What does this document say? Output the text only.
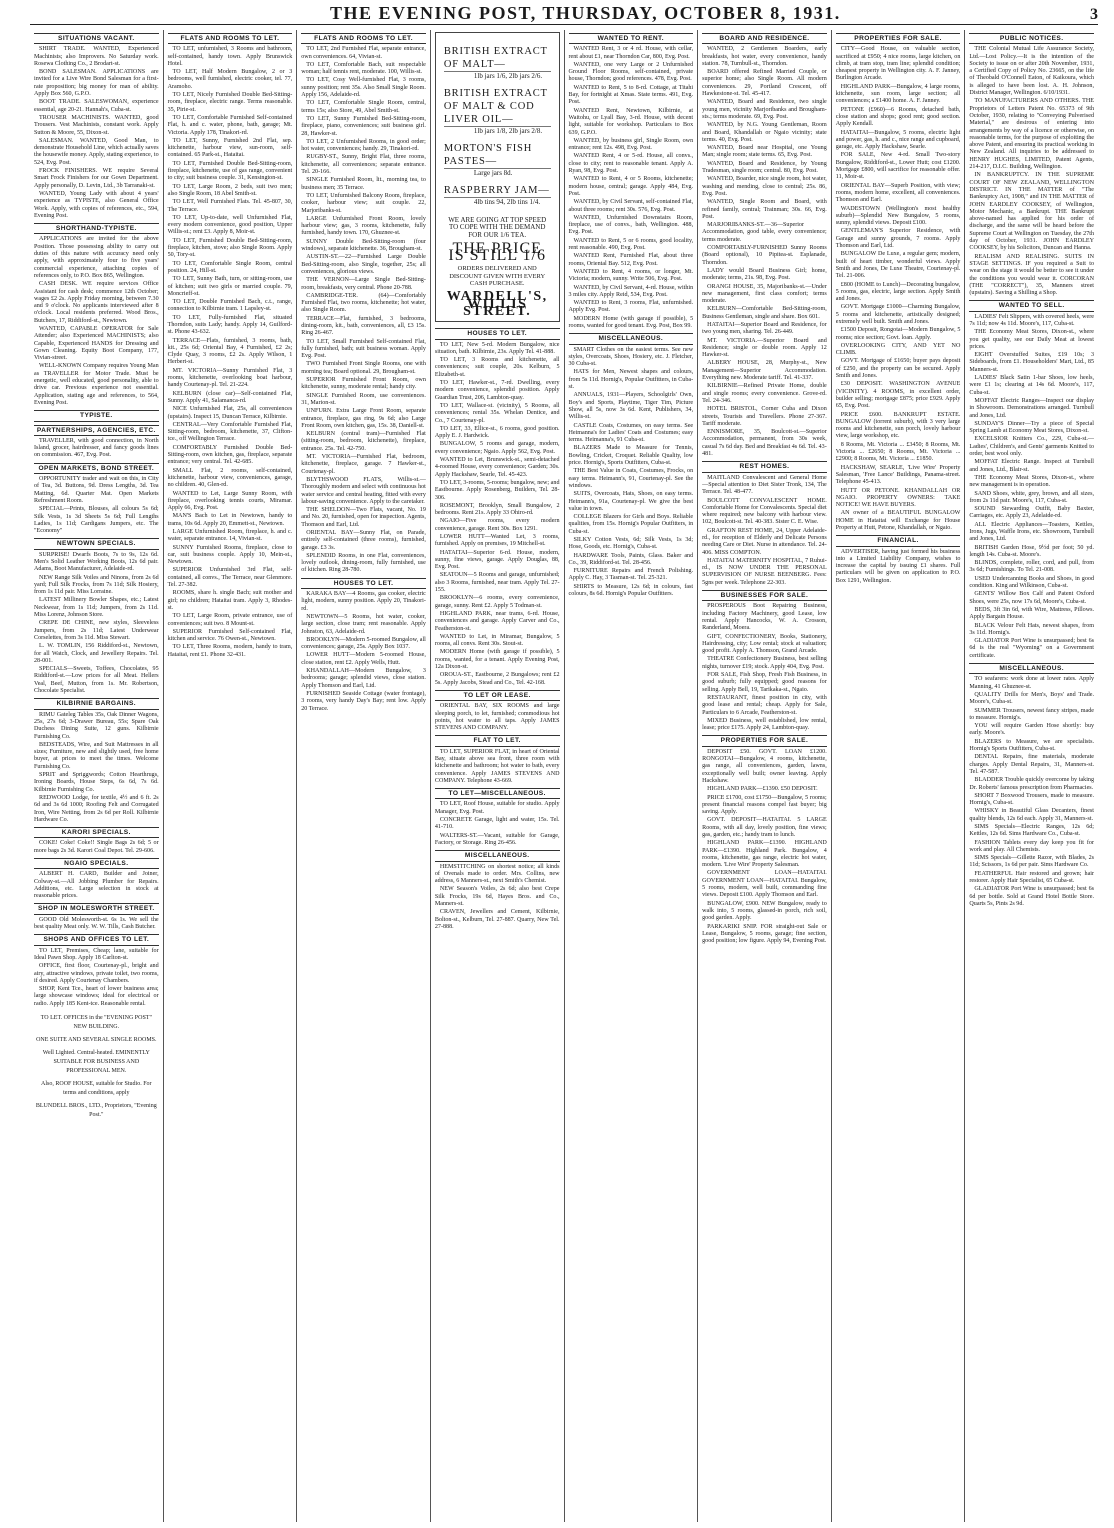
THE EVENING POST, THURSDAY, OCTOBER 8, 1931.	3
SITUATIONS VACANT.

SHIRT TRADE. WANTED, Experienced Machinists; also Improvers. No Saturday work. Rosewa Clothing Co., 2 Brodart-st.

BOND SALESMAN. APPLICATIONS are invited for a Live Wire Bond Salesman for a first-rate proposition; big money for man of ability. Apply Box 560, G.P.O.

BOOT TRADE. SALESWOMAN, experience essential, age 20-21. Hannah's, Cuba-st.

TROUSER MACHINISTS. WANTED, good Trousers. Vest Machinists, constant work. Apply Sutton & Moore, 55, Dixon-st.

SALESMAN. WANTED, Good Man, to demonstrate Household Line, which actually saves the housewife money. Apply, stating experience, to 524, Evg. Post.

FROCK FINISHERS. WE require Several Smart Frock Finishers for our Gown Department. Apply personally, D. Levin, Ltd., 3b Tarranaki-st.

WANTED, Young Lady with about 4 years' experience as TYPISTE, also General Office Work. Apply, with copies of references, etc., 594, Evening Post.

SHORTHAND-TYPISTE.

APPLICATIONS are invited for the above Position. Those possessing ability to carry out duties of this nature with accuracy need only apply, with approximately four to five years' commercial experience, attaching copies of references only, to P.O. Box 865, Wellington.

CASH DESK. WE require services Office Assistant for cash desk; commence 12th October; wages £2 2s. Apply Friday morning, between 7.30 and 9 o'clock. No applicants interviewed after 8 o'clock. Local residents preferred. Wood Bros., Butchers, 17, Riddiford-st., Newtown.

WANTED, CAPABLE OPERATOR for Sale Attender; also Experienced MACHINISTS; also Capable, Experienced HANDS for Dressing and Gown Cleaning. Equity Boot Company, 177, Vivian-street.

WELL-KNOWN Company requires Young Man as TRAVELLER for Motor Trade. Must be energetic, well educated, good personality, able to drive car. Previous experience not essential. Application, stating age and references, to 564, Evening Post.

TYPISTE.
PARTNERSHIPS, AGENCIES, ETC.

TRAVELLER, with good connection, in North Island, grocer, hairdresser, and fancy goods lines on commission. 467, Evg. Post.

OPEN MARKETS, BOND STREET.

OPPORTUNITY trader and wait on this, in City of Tea, 3d. Buttons, 9d. Dress Lengths, 3d. Tea Matting, 6d. Quarter Mat. Open Markets Refreshment Room.

SPECIAL—Prints, Blouses, all colours 5s 6d; Silk Vests, 1s 3d Sheets 5s 6d; Full Lengths Ladies, 1s 11d; Cardigans Jumpers, etc. The "Economy"

NEWTOWN SPECIALS.

SURPRISE! Dwarfs Boots, 7s to 9s, 12s 6d. Men's Solid Leather Working Boots, 12s 6d pair. Adams, Boot Manufacturer, Adelaide-rd.

NEW Range Silk Voiles and Ninons, from 2s 6d yard; Full Silk Frocks, from 7s 11d; Silk Hosiery, from 1s 11d pair. Miss Lorraine.

LATEST Millinery Bowler Shapes, etc.; Latest Neckwear, from 1s 11d; Jumpers, from 2s 11d. Miss Lorenz, Johnson Store.

CREPE DE CHINE, new styles, Sleeveless Jumpers, from 2s 11d; Latest Underwear Corselettes, from 3s 11d. Miss Stewart.

L. W. TOMLIN, 156 Riddiford-st., Newtown, for all Watch, Clock, and Jewellery Repairs. Tel. 28-001.

SPECIALS—Sweets, Toffees, Chocolates, 95 Riddiford-st.—Low prices for all Meat. Hellers Veal, Beef, Mutton, from 1s. Mr. Robertson, Chocolate Specialist.

KILBIRNIE BARGAINS.

RIMU Gateleg Tables 35s, Oak Dinner Wagons, 25s, 27s 6d; 3-Drawer Bureau, 55s; Spare Oak Duchess Dining Suite, 12 guns. Kilbirnie Furnishing Co.

BEDSTEADS, Wire, and Suit Mattresses in all sizes; Furniture, new and slightly used, free home buyer, at prices to meet the times. Welcome Furnishing Co.

SPRIT and Spriggwords; Cotton Hearthrugs, Ironing Boards, House Steps, 6s 6d, 7s 6d. Kilbirnie Furnishing Co.

REDWOOD Lodge, for textile, 4½ and 6 ft. 2s 6d and 3s 6d 1000; Roofing Felt and Corrugated Iron, Wire Netting, from 2s 6d per Roll. Kilbirnie Hardware Co.

KARORI SPECIALS.

COKE! Coke! Coke!! Single Bags 2s 6d; 5 or more bags 2s 3d. Karori Coal Depot. Tel. 29-606.

NGAIO SPECIALS.

ALBERT H. CARD, Builder and Joiner, Colway-st.—All Jobbing Plumber for Repairs. Additions, etc. Large selection in stock at reasonable prices.

SHOP IN MOLESWORTH STREET.

GOOD Old Molesworth-st. 6s 1s. We sell the best quality Meat only. W. W. Tills, Cash Butcher.

SHOPS AND OFFICES TO LET.

TO LET, Premises, Cheap; lane, suitable for Ideal Pawn Shop. Apply 18 Carlton-st.

OFFICE, first floor, Courtenay-pl., bright and airy, attractive windows, private toilet, two rooms, if desired. Apply Courtenay Chambers.

SHOP, Kent Tce., heart of lower business area; large showcase windows; ideal for electrical or radio. Apply 185 Kent-tce. Reasonable rental.

TO LET. OFFICES in the "EVENING POST" NEW BUILDING.
ONE SUITE AND SEVERAL SINGLE ROOMS.
Well Lighted. Central-heated. EMINENTLY SUITABLE FOR BUSINESS AND PROFESSIONAL MEN.
Also, ROOF HOUSE, suitable for Studio. For terms and conditions, apply
BLUNDELL BROS., LTD., Proprietors, "Evening Post."
FLATS AND ROOMS TO LET.

TO LET, unfurnished, 3 Rooms and bathroom, self-contained, handy town. Apply Brunswick Hotel.

TO LET, Half Modern Bungalow, 2 or 3 bedrooms, well furnished, electric cooker, tel. 77, Aramoho.

TO LET, Nicely Furnished Double Bed-Sitting-room, fireplace, electric range. Terms reasonable. 35, Pirie-st.

TO LET, Comfortable Furnished Self-contained Flat, h. and c. water, phone, bath, garage; Mt. Victoria. Apply 178, Tinakori-rd.

TO LET, Sunny, Furnished 2nd Flat, sep. kitchenette, harbour view, sun-room, self-contained. 65 Park-st., Hataitai.

TO LET, Furnished Double Bed-Sitting-room, fireplace, kitchenette, use of gas range, convenient to city; suit business couple. 31, Kensington-st.

TO LET, Large Room, 2 beds, suit two men; also Single Room, 18 Abel Smith-st.

TO LET, Well Furnished Flats. Tel. 45-807, 30, The Terrace.

TO LET, Up-to-date, well Unfurnished Flat, every modern convenience, good position, Upper Willis-st.; rent £3. Apply 8, Moir-st.

TO LET, Furnished Double Bed-Sitting-room, fireplace, kitchen, stove; also Single Room. Apply 50, Tory-st.

TO LET, Comfortable Single Room, central position. 24, Hill-st.

TO LET, Sunny Bath, turn, or sitting-room, use of kitchen; suit two girls or married couple. 79, Moncrieff-st.

TO LET, Double Furnished Bach, c.t., range, connection to Kilbirnie tram. 1 Lapsley-st.

TO LET, Fully-furnished Flat, situated Thorndon, suits Lady; handy. Apply 14, Guilford-st. Phone 43-632.

TERRACE—Flats, furnished, 3 rooms, bath, kit., 25s 6d; Oriental Bay, 4 Furnished, £2 2s; Clyde Quay, 3 rooms, £2 2s. Apply Wilson, 1 Herbert-st.

MT. VICTORIA—Sunny Furnished Flat, 3 rooms, kitchenette, overlooking boat harbour, handy Courtenay-pl. Tel. 21-224.

KELBURN (close car)—Self-contained Flat, Sunny. Apply 41, Salamanca-rd.

NICE Unfurnished Flat, 25s, all conveniences (upstairs). Inspect 15, Duncan Terrace, Kilbirnie.

CENTRAL—Very Comfortable Furnished Flat, Sitting-room, bedroom, kitchenette, 37, Clifton-tce., off Wellington Terrace.

COMFORTABLY Furnished Double Bed-Sitting-room, own kitchen, gas, fireplace, separate entrance; very central. Tel. 42-685.

SMALL Flat, 2 rooms, self-contained, kitchenette, harbour view, conveniences, garage, no children. 40, Glen-rd.

WANTED to Let, Large Sunny Room, with fireplace, overlooking tennis courts, Miramar. Apply 66, Evg. Post.

MAN'S Bach to Let in Newtown, handy to trams, 10s 6d. Apply 20, Emmett-st., Newtown.

LARGE Unfurnished Room, fireplace, h. and c. water, separate entrance. 14, Vivian-st.

SUNNY Furnished Rooms, fireplace, close to car, suit business couple. Apply 10, Mein-st., Newtown.

SUPERIOR Unfurnished 3rd Flat, self-contained, all convs., The Terrace, near Glenmore. Tel. 27-382.

ROOMS, share h. single Bach; suit mother and girl; no children; Hataitai tram. Apply 3, Rhodes-st.

TO LET, Large Room, private entrance, use of conveniences; suit two. 8 Mount-st.

SUPERIOR Furnished Self-contained Flat, kitchen and service. 76 Owen-st., Newtown.

TO LET, Three Rooms, modern, handy to tram, Hataitai, rent £1. Phone 32-431.

FLATS AND ROOMS TO LET.

TO LET, 2nd Furnished Flat, separate entrance, own conveniences. 64, Vivian-st.

TO LET, Comfortable Bach, suit respectable woman; half tennis rent, moderate. 100, Willis-st.

TO LET, Cosy Well-furnished Flat, 3 rooms, sunny position; rent 35s. Also Small Single Room. Apply 156, Adelaide-rd.

TO LET, Comfortable Single Room, central, terms 15s; also Store, 49, Abel Smith-st.

TO LET, Sunny Furnished Bed-Sitting-room, fireplace, piano, conveniences; suit business girl. 28, Hawker-st.

TO LET, 2 Unfurnished Rooms, in good order; hot water, conveniences; handy. 29, Tinakori-rd.

RUGBY-ST., Sunny, Bright Flat, three rooms, kitchenette, all conveniences; separate entrance. Tel. 20-166.

SINGLE Furnished Room, lit., morning tea, to business men; 35 Terrace.

TO LET, Unfurnished Balcony Room, fireplace, cooker, harbour view; suit couple. 22, Marjoribanks-st.

LARGE Unfurnished Front Room, lovely harbour view; gas, 3 rooms, kitchenette, fully furnished, handy town. 170, Ghuznee-st.

SUNNY Double Bed-Sitting-room (four windows), separate kitchenette. 36, Brougham-st.

AUSTIN-ST.—22—Furnished Large Double Bed-Sitting-room, also Single, together, 25s; all conveniences, glorious views.

THE VERNON—Large Single Bed-Sitting-room, breakfasts, very central. Phone 20-788.

CAMBRIDGE-TER. (64)—Comfortably Furnished Flat, two rooms, kitchenette; hot water, also Single Room.

TERRACE—Flat, furnished, 3 bedrooms, dining-room, kit., bath, conveniences, all, £3 15s. Ring 26-467.

TO LET, Small Furnished Self-contained Flat, fully furnished, bath; suit business woman. Apply Evg. Post.

TWO Furnished Front Single Rooms, one with morning tea; Board optional. 29, Brougham-st.

SUPERIOR Furnished Front Room, own kitchenette, sunny, moderate rental; handy city.

SINGLE Furnished Room, use conveniences. 31, Marion-st.

UNFURN. Extra Large Front Room, separate entrance, fireplace, gas ring, 9s 6d; also Large Front Room, own kitchen, gas, 15s. 38, Daniell-st.

KELBURN (central tram)—Furnished Flat (sitting-room, bedroom, kitchenette), fireplace, entrance. 25s. Tel. 42-750.

MT. VICTORIA—Furnished Flat, bedroom, kitchenette, fireplace, garage. 7 Hawker-st., Courtenay-pl.

BLYTHSWOOD FLATS, Willis-st.—Thoroughly modern and select with continuous hot water service and central heating, fitted with every labour-saving convenience. Apply to the caretaker.

THE SHELDON—Two Flats, vacant, No. 19 and No. 20, furnished, open for inspection. Agents, Thomson and Earl, Ltd.

ORIENTAL BAY—Sunny Flat, on Parade, entirely self-contained (three rooms), furnished, garage. £3 3s.

SPLENDID Rooms, in one Flat, conveniences, lovely outlook, dining-room, fully furnished, use of kitchen. Ring 28-780.

HOUSES TO LET.

KARAKA BAY—4 Rooms, gas cooker, electric light, modern, sunny position. Apply 20, Tinakori-rd.

NEWTOWN—5 Rooms, hot water, cooker, large section, close tram; rent reasonable. Apply Johnston, 63, Adelaide-rd.

BROOKLYN—Modern 5-roomed Bungalow, all conveniences; garage, 25s. Apply Box 1037.

LOWER HUTT—Modern 5-roomed House, close station, rent £2. Apply Wells, Hutt.

KHANDALLAH—Modern Bungalow, 3 bedrooms; garage; splendid views, close station. Apply Thomson and Earl, Ltd.

FURNISHED Seaside Cottage (water frontage), 3 rooms, very handy Day's Bay; rent low. Apply 20 Terrace.

BRITISH EXTRACT OF MALT—
1lb jars 1/6, 2lb jars 2/6.
BRITISH EXTRACT OF MALT & COD LIVER OIL—
1lb jars 1/8, 2lb jars 2/8.
MORTON'S FISH PASTES—
Large jars 8d.
RASPBERRY JAM—
4lb tins 94, 2lb tins 1/4.
WE ARE GOING AT TOP SPEED TO COPE WITH THE DEMAND FOR OUR 1/6 TEA.
THE PRICE IS STILL 1/6
ORDERS DELIVERED AND DISCOUNT GIVEN WITH EVERY CASH PURCHASE.
WARDELL'S, WILLIS STREET.
HOUSES TO LET.

TO LET, New 5-rd. Modern Bungalow, nice situation, bath. Kilbirnie, 23s. Apply Tel. 41-888.

TO LET, 3 Rooms and kitchenette, all conveniences; suit couple, 20s. Kelburn, 5 Elizabeth-st.

TO LET, Hawker-st., 7-rd. Dwelling, every modern convenience, splendid position. Apply Guardian Trust, 206, Lambton-quay.

TO LET, Wallace-st. (vicinity), 5 Rooms, all conveniences; rental 35s. Whelan Dentice, and Co., 7 Courtenay-pl.

TO LET, 33, Ellice-st., 6 rooms, good position. Apply E. J. Hardwick.

BUNGALOW, 5 rooms and garage, modern, every convenience; Ngaio. Apply 562, Evg. Post.

WANTED to Let, Brunswick-st., semi-detached 4-roomed House, every convenience; Garden; 30s. Apply Hackshaw, Searle, Tel. 45-423.

TO LET, 3-rooms, 5-rooms; bungalow, new; and Eastbourne. Apply Rosenberg, Builders, Tel. 28-306.

ROSEMONT, Brooklyn, Small Bungalow, 2 bedrooms. Rent 21s. Apply 33 Ohiro-rd.

NGAIO—Five rooms, every modern convenience, garage. Rent 30s. Box 1291.

LOWER HUTT—Wanted Let, 3 rooms, furnished. Apply on premises, 19 Mitchell-st.

HATAITAI—Superior 6-rd. House, modern, sunny, fine views, garage. Apply Douglas, 88, Evg. Post.

SEATOUN—5 Rooms and garage, unfurnished; also 3 Rooms, furnished, near tram. Apply Tel. 27-155.

BROOKLYN—6 rooms, every convenience, garage, sunny. Rent £2. Apply 5 Todman-st.

HIGHLAND PARK, near trams, 6-rd. House, conveniences and garage. Apply Carver and Co., Featherston-st.

WANTED to Let, in Miramar, Bungalow, 5 rooms, all convs. Rent 30s. Stout-st.

MODERN Home (with garage if possible), 5 rooms, wanted, for a tenant. Apply Evening Post, 12a Dixon-st.

OROUA-ST., Eastbourne, 2 Bungalows; rent £2 5s. Apply Jacobs, Stead and Co., Tel. 42-168.

TO LET OR LEASE.

ORIENTAL BAY, SIX ROOMS and large sleeping porch, to let, furnished; commodious hot points, hot water to all taps. Apply JAMES STEVENS AND COMPANY.

FLAT TO LET.

TO LET, SUPERIOR FLAT, in heart of Oriental Bay, situate above sea front, three room with kitchenette and bathroom; hot water to bath, every convenience. Apply JAMES STEVENS AND COMPANY. Telephone 43-669.

TO LET—MISCELLANEOUS.

TO LET, Roof House, suitable for studio. Apply Manager, Evg. Post.

CONCRETE Garage, light and water, 15s. Tel. 41-710.

WALTERS-ST.—Vacant, suitable for Garage, Factory, or Storage. Ring 26-456.

MISCELLANEOUS.

HEMSTITCHING on shortest notice; all kinds of Ovenals made to order. Mrs. Collins, new address, 6 Manners-st., next Smith's Chemist.

NEW Season's Voiles, 2s 6d; also best Crepe Silk Frocks, 19s 6d, Hayes Bros. and Co., Manners-st.

CRAVEN, Jewellers and Cement, Kilbirnie, Bolton-st., Kelburn, Tel. 27-887. Quarry, New Tel. 27-888.

WANTED TO RENT.

WANTED Rent, 3 or 4 rd. House, with cellar, rent about £1, near Thorndon Car, 800, Evg. Post.

WANTED, one very Large or 2 Unfurnished Ground Floor Rooms, self-contained, private house, Thorndon; good references. 478, Evg. Post.

WANTED to Rent, 5 to 8-rd. Cottage, at Titahi Bay, for fortnight at Xmas. State terms. 491, Evg. Post.

WANTED Rent, Newtown, Kilbirnie, at Waitohu, or Lyall Bay, 3-rd. House, with decent light, suitable for workshop. Particulars to Box 639, G.P.O.

WANTED, by business girl, Single Room, own entrance; rent 12s. 498, Evg. Post.

WANTED Rent, 4 or 5-rd. House, all convs., close to city; rent to reasonable tenant. Apply A. Ryan, 98, Evg. Post.

WANTED to Rent, 4 or 5 Rooms, kitchenette; modern house, central; garage. Apply 484, Evg. Post.

WANTED, by Civil Servant, self-contained Flat, about three rooms; rent 30s. 576, Evg. Post.

WANTED, Unfurnished Downstairs Room, fireplace, use of convs., bath, Wellington. 488, Evg. Post.

WANTED to Rent, 5 or 6 rooms, good locality, rent reasonable. 490, Evg. Post.

WANTED Rent, Furnished Flat, about three rooms, Oriental Bay. 512, Evg. Post.

WANTED to Rent, 4 rooms, or longer, Mt. Victoria; modern, sunny. Write 506, Evg. Post.

WANTED, by Civil Servant, 4-rd. House, within 3 miles city. Apply Reid, 534, Evg. Post.

WANTED to Rent, 3 rooms, Flat, unfurnished. Apply Evg. Post.

MODERN Home (with garage if possible), 5 rooms, wanted for good tenant. Evg. Post, Box 99.

MISCELLANEOUS.

SMART Clothes on the easiest terms. See new styles, Overcoats, Shoes, Hosiery, etc. J. Fletcher, 30 Cuba-st.

HATS for Men, Newest shapes and colours, from 5s 11d. Hornig's, Popular Outfitters, in Cuba-st.

ANNUALS, 1931—Players, Schoolgirls' Own, Boy's and Sports, Playtime, Tiger Tim, Picture Show, all 5s, now 3s 6d. Kent, Publishers, 34, Willis-st.

CASTLE Coats, Costumes, on easy terms. See Heimanna's for Ladies' Coats and Costumes; easy terms. Heimanna's, 91 Cuba-st.

BLAZERS Made to Measure for Tennis, Bowling, Cricket, Croquet. Reliable Quality, low price. Hornig's, Sports Outfitters, Cuba-st.

THE Best Value in Coats, Costumes, Frocks, on easy terms. Heimann's, 91, Courtenay-pl. See the windows.

SUITS, Overcoats, Hats, Shoes, on easy terms. Heimann's, 91a, Courtenay-pl. We give the best value in town.

COLLEGE Blazers for Girls and Boys. Reliable qualities, from 15s. Hornig's Popular Outfitters, in Cuba-st.

SILKY Cotton Vests, 6d; Silk Vests, 1s 3d; Hose, Goods, etc. Hornig's, Cuba-st.

HARDWARE Tools, Paints, Glass. Baker and Co., 39, Riddiford-st. Tel. 28-456.

FURNITURE Repairs and French Polishing. Apply C. Hay, 3 Tasman-st. Tel. 25-321.

SHIRTS to Measure, 12s 6d; in colours, fast colours, 8s 6d. Hornig's Popular Outfitters.

BOARD AND RESIDENCE.

WANTED, 2 Gentlemen Boarders, early breakfasts, hot water, every convenience, handy station. 78, Turnbull-st., Thorndon.

BOARD offered Refined Married Couple, or superior home; also Single Room. All modern conveniences. 29, Portland Crescent, off Hawkestone-st. Tel. 45-417.

WANTED, Board and Residence, two single young men, vicinity Marjoribanks and Brougham-sts.; terms moderate. 69, Evg. Post.

WANTED, by N.G. Young Gentleman, Room and Board, Khandallah or Ngaio vicinity; state terms. 40, Evg. Post.

WANTED, Board near Hospital, one Young Man; single room; state terms. 65, Evg. Post.

WANTED, Board and Residence, by Young Tradesman, single room; central. 80, Evg. Post.

WANTED, Boarder, nice single room, hot water, washing and mending, close to central; 25s. 86, Evg. Post.

WANTED, Single Room and Board, with refined family, central; Trainman; 30s. 66, Evg. Post.

MARJORIBANKS-ST.—36—Superior Accommodation, good table, every convenience; terms moderate.

COMFORTABLY-FURNISHED Sunny Rooms (Board optional), 10 Pipitea-st. Esplanade, Thorndon.

LADY would Board Business Girl; home, moderate; terms, 21s. 98, Evg. Post.

ORANGI HOUSE, 35, Majoribanks-st.—Under new management, first class comfort; terms moderate.

KELBURN—Comfortable Bed-Sitting-room, Business Gentleman, single and share. Box 601.

HATAITAI—Superior Board and Residence, for two young men, sharing. Tel. 26-449.

MT. VICTORIA.—Superior Board and Residence; single or double room. Apply 12 Hawker-st.

ALBERY HOUSE, 28, Murphy-st., New Management—Superior Accommodation. Everything new. Moderate tariff. Tel. 41-337.

KILBIRNIE—Refined Private Home, double and single rooms; every convenience. Grove-rd. Tel. 24-346.

HOTEL BRISTOL, Corner Cuba and Dixon streets, Tourists and Travellers. Phone 27-367. Tariff moderate.

ENNISMORE, 35, Boulcott-st.—Superior Accommodation, permanent, from 30s week, casual 7s 6d day. Bed and Breakfast 4s 6d. Tel. 43-481.

REST HOMES.

MAITLAND Convalescent and General Home—Special attention to Diet Sister Tronk, 134, The Terrace. Tel. 48-477.

BOULCOTT CONVALESCENT HOME. Comfortable Home for Convalescents. Special diet where required; new balcony with harbour view. 102, Boulcott-st. Tel. 40-383. Sister C. E. Wise.

GRAFTON REST HOME, 24, Upper Adelaide-rd., for reception of Elderly and Delicate Persons needing Care or Diet. Nurse in attendance. Tel. 24-406. MISS COMPTON.

HATAITAI MATERNITY HOSPITAL, 7 Ruhui-rd., IS NOW UNDER THE PERSONAL SUPERVISION OF NURSE BEENBERG. Fees: 5gns per week. Telephone 22-303.

BUSINESSES FOR SALE.

PROSPEROUS Boot Repairing Business, including Factory Machinery, good Lease, low rental. Apply Hancocks, W. A. Crosson, Randerland, Moera.

GIFT, CONFECTIONERY, Books, Stationery, Hairdressing, city; Low rental; stock at valuation; good profit. Apply A. Thomson, Grand Arcade.

THEATRE Confectionery Business, best selling nights, turnover £19; stock. Apply 404, Evg. Post.

FOR SALE, Fish Shop, Fresh Fish Business, in good suburb; fully equipped; good reasons for selling. Apply Bell, 19, Tarikaka-st., Ngaio.

RESTAURANT, finest position in city, with good lease and rental; cheap. Apply for Sale, Particulars to 6 Arcade, Featherston-st.

MIXED Business, well established, low rental, lease; price £175. Apply 24, Lambton-quay.

PROPERTIES FOR SALE.

DEPOSIT £50. GOVT. LOAN £1200. RONGOTAI—Bungalow, 4 rooms, kitchenette, gas range, all conveniences, garden, lawns, exceptionally well built; owner leaving. Apply Hackshaw.

HIGHLAND PARK—£1390. £50 DEPOSIT.

PRICE £1700, cost £1750—Bungalow, 5 rooms; present financial reasons compel fast buyer; big saving. Apply.

GOVT. DEPOSIT—HATAITAI. 5 LARGE Rooms, with all day, lovely position, fine views; gas, garden, etc.; handy tram to lunch.

HIGHLAND PARK—£1390. HIGHLAND PARK—£1390. Highland Park. Bungalow, 4 rooms, kitchenette, gas range, electric hot water, modern. 'Live Wire' Property Salesman.

GOVERNMENT LOAN—HATAITAI. GOVERNMENT LOAN—HATAITAI. Bungalow, 5 rooms, modern, well built, commanding fine views. Deposit £100. Apply Thomson and Earl.

BUNGALOW, £900. NEW Bungalow, ready to walk into, 5 rooms, glassed-in porch, rich soil, good garden. Apply.

PARKARIKI SNIP. FOR straight-out Sale or Lease, Bungalow, 5 rooms, garage; fine section, good position; low figure. Apply 94, Evening Post.

PROPERTIES FOR SALE.

CITY—Good House, on valuable section, sacrificed at £950; 4 nice rooms, large kitchen, on climb, at tram stop, tram line; splendid condition; cheapest property in Wellington city. A. F. Janney, Burlington Arcade.

HIGHLAND PARK—Bungalow, 4 large rooms, kitchenette, sun room, large section; all conveniences; a £1400 home. A. F. Janney.

PETONE (£960)—6 Rooms, detached bath, close station and shops; good rent; good section. Apply Kendall.

HATAITAI—Bungalow, 5 rooms, electric light and power, gas, h. and c., nice range and cupboard, garage, etc. Apply Hackshaw, Searle.

FOR SALE, New 4-rd. Small Two-story Bungalow, Riddiford-st., Lower Hutt; cost £1200. Mortgage £800, will sacrifice for reasonable offer. 11, Moir-st.

ORIENTAL BAY—Superb Position, with view; rooms, modern home, excellent, all conveniences. Thomson and Earl.

WADESTOWN (Wellington's most healthy suburb)—Splendid New Bungalow, 5 rooms, sunny, splendid views. Deposit £100.

GENTLEMAN'S Superior Residence, with Garage and sunny grounds, 7 rooms. Apply Thomson and Earl, Ltd.

BUNGALOW De Luxe, a regular gem; modern, built of heart timber, wonderful views. Apply Smith and Jones, De Luxe Theatre, Courtenay-pl. Tel. 21-006.

£800 (HOME to Lunch)—Decorating bungalow, 5 rooms, gas, electric, large section. Apply Smith and Jones.

GOVT. Mortgage £1000—Charming Bungalow, 5 rooms and kitchenette, artistically designed; extremely well built. Smith and Jones.

£1500 Deposit, Rongotai—Modern Bungalow, 5 rooms; nice section; Govt. loan. Apply.

OVERLOOKING CITY, AND YET NO CLIMB.

GOVT. Mortgage of £1650; buyer pays deposit of £250, and the property can be secured. Apply Smith and Jones.

£30 DEPOSIT. WASHINGTON AVENUE (VICINITY). 4 ROOMS, in excellent order, builder selling; mortgage £875; price £929. Apply 65, Evg. Post.

PRICE £600. BANKRUPT ESTATE. BUNGALOW (torrent suburb), with 3 very large rooms and kitchenette, sun porch, lovely harbour view, large workshop, etc.

8 Rooms, Mt. Victoria ... £3450; 8 Rooms, Mt. Victoria ... £2650; 8 Rooms, Mt. Victoria ... £2900; 8 Rooms, Mt. Victoria ... £1850.

HACKSHAW, SEARLE, 'Live Wire' Property Salesman, 'Free Lance' Buildings, Panama-street. Telephone 45-413.

HUTT OR PETONE. KHANDALLAH OR NGAIO. PROPERTY OWNERS: TAKE NOTICE! WE HAVE BUYERS.

AN owner of a BEAUTIFUL BUNGALOW HOME in Hataitai will Exchange for House Property at Hutt, Petone, Khandallah, or Ngaio.

FINANCIAL.

ADVERTISER, having just formed his business into a Limited Liability Company, wishes to increase the capital by issuing £1 shares. Full particulars will be given on application to P.O. Box 1291, Wellington.

PUBLIC NOTICES.

THE Colonial Mutual Life Assurance Society, Ltd.—Lost Policy.—It is the intention of the Society to issue on or after 20th November, 1931, a Certified Copy of Policy No. 23665, on the life of Theobald O'Connell Eaton, of Kaikoura, which is alleged to have been lost. A. H. Johnson, District Manager, Wellington. 6/10/1931.

TO MANUFACTURERS AND OTHERS. THE Proprietors of Letters Patent No. 65373 of 9th October, 1930, relating to "Conveying Pulverised Material," are desirous of entering into arrangements by way of a licence or otherwise, on reasonable terms, for the purpose of exploiting the above Patent, and ensuring its practical working in New Zealand. All inquiries to be addressed to HENRY HUGHES, LIMITED, Patent Agents, 214-217, D.I.C. Building, Wellington.

IN BANKRUPTCY. IN THE SUPREME COURT OF NEW ZEALAND, WELLINGTON DISTRICT. IN THE MATTER of "The Bankruptcy Act, 1908," and IN THE MATTER of JOHN EARDLEY COOKSEY, of Wellington, Motor Mechanic, a Bankrupt. THE Bankrupt above-named has applied for his order of discharge, and the same will be heard before the Supreme Court at Wellington on Tuesday, the 27th day of October, 1931. JOHN EARDLEY COOKSEY, by his Solicitors, Duncan and Hanna.

REALISM AND REALISING. SUITS IN STAGE SETTINGS. IF you required a Suit to wear on the stage it would be better to see it under the conditions you would wear it. CORCORAN (THE "CORRECT"), 35, Manners street (upstairs). Saving a Shilling a Shop.

WANTED TO SELL.

LADIES' Felt Slippers, with covered heels, were 7s 11d; now 4s 11d. Moore's, 117, Cuba-st.

THE Economy Meat Stores, Dixon-st., where you get quality, see our Daily Meat at lowest prices.

EIGHT Overstuffed Suites, £19 10s; 3 Sideboards, from £1. Householders' Mart, Ltd., 85 Manners-st.

LADIES' Black Satin 1-bar Shoes, low heels, were £1 1s; clearing at 14s 6d. Moore's, 117, Cuba-st.

MOFFAT Electric Ranges—Inspect our display in Showroom. Demonstrations arranged. Turnbull and Jones, Ltd.

SUNDAY'S Dinner—Try a piece of Special Spring Lamb at Economy Meat Stores, Dixon-st.

EXCELSIOR Knitters Co., 229, Cuba-st.—Ladies', Children's, and Gents' garments Knitted to order, best wool only.

MOFFAT Electric Range. Inspect at Turnbull and Jones, Ltd., Blair-st.

THE Economy Meat Stores, Dixon-st., where new management is in operation.

SAND Shoes, white, grey, brown, and all sizes, from 2s 11d pair. Moore's, 117, Cuba-st.

SOUND Stewarding Outfit, Baby Baxter, Carriages, etc. Apply 23, Adelaide-rd.

ALL Electric Appliances—Toasters, Kettles, Irons, Jugs, Waffle Irons, etc. Showroom, Turnbull and Jones, Ltd.

BRITISH Garden Hose, 9½d per foot; 50 yd. length 14s. Cuba-st. Moore's.

BLINDS, complete, roller, cord, and pull, from 3s 6d; Furnishings. To Tel. 21-008.

USED Undercanning Books and Shoes, in good condition. King and Wilkinson, Cuba-st.

GENTS' Willow Box Calf and Patent Oxford Shoes, were 25s, now 17s 6d, Moore's, Cuba-st.

BEDS, 3ft 3in 6d, with Wire, Mattress, Pillows. Apply Bargain House.

BLACK Velour Felt Hats, newest shapes, from 3s 11d. Hornig's.

GLADIATOR Port Wine is unsurpassed; best 6s 6d is the real "Wyoming" on a Government certificate.

MISCELLANEOUS.

TO seafarers: work done at lower rates. Apply Manning, 41 Ghuznee-st.

QUALITY Drills for Men's, Boys' and Trade. Moore's, Cuba-st.

SUMMER Trousers, newest fancy stripes, made to measure. Hornig's.

YOU will require Garden Hose shortly: buy early. Moore's.

BLAZERS to Measure, we are specialists. Hornig's Sports Outfitters, Cuba-st.

DENTAL Repairs, fine materials, moderate charges. Apply Dental Repairs, 31, Manners-st. Tel. 47-587.

BLADDER Trouble quickly overcome by taking Dr. Roberts' famous prescription from Pharmacies.

SHORT 7 Boxwood Trousers, made to measure. Hornig's, Cuba-st.

WHISKY in Beautiful Glass Decanters, finest quality blends, 12s 6d each. Apply 31, Manners-st.

SIMS Specials—Electric Ranges, 12s 6d; Kettles, 12s 6d. Sims Hardware Co., Cuba-st.

FASHION Tablets every day keep you fit for work and play. All Chemists.

SIMS Specials—Gillette Razor, with Blades, 2s 11d; Scissors, 1s 6d per pair. Sims Hardware Co.

FEATHERFUL Hair restored and grown; hair restorer. Apply Hair Specialist, 65 Cuba-st.

GLADIATOR Port Wine is unsurpassed; best 6s 6d per bottle. Sold at Grand Hotel Bottle Store. Quarts 5s, Pints 2s 9d.
